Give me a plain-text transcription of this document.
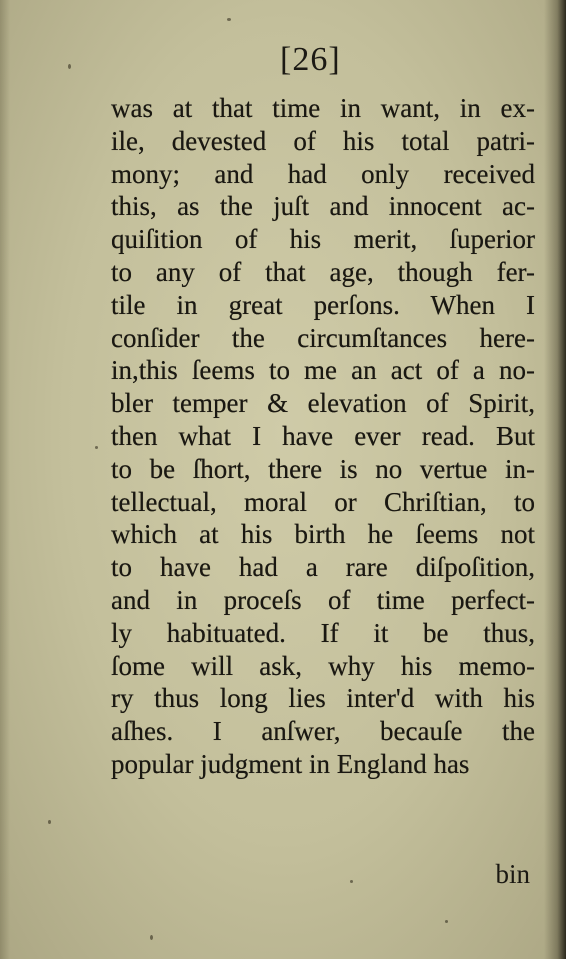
[26]
was at that time in want, in ex-
ile, devested of his total patri-
mony; and had only received
this, as the juſt and innocent ac-
quiſition of his merit, ſuperior
to any of that age, though fer-
tile in great perſons. When I
conſider the circumſtances here-
in,this ſeems to me an act of a no-
bler temper & elevation of Spirit,
then what I have ever read. But
to be ſhort, there is no vertue in-
tellectual, moral or Chriſtian, to
which at his birth he ſeems not
to have had a rare diſpoſition,
and in proceſs of time perfect-
ly habituated. If it be thus,
ſome will ask, why his memo-
ry thus long lies inter'd with his
aſhes. I anſwer, becauſe the
popular judgment in England has
bin
